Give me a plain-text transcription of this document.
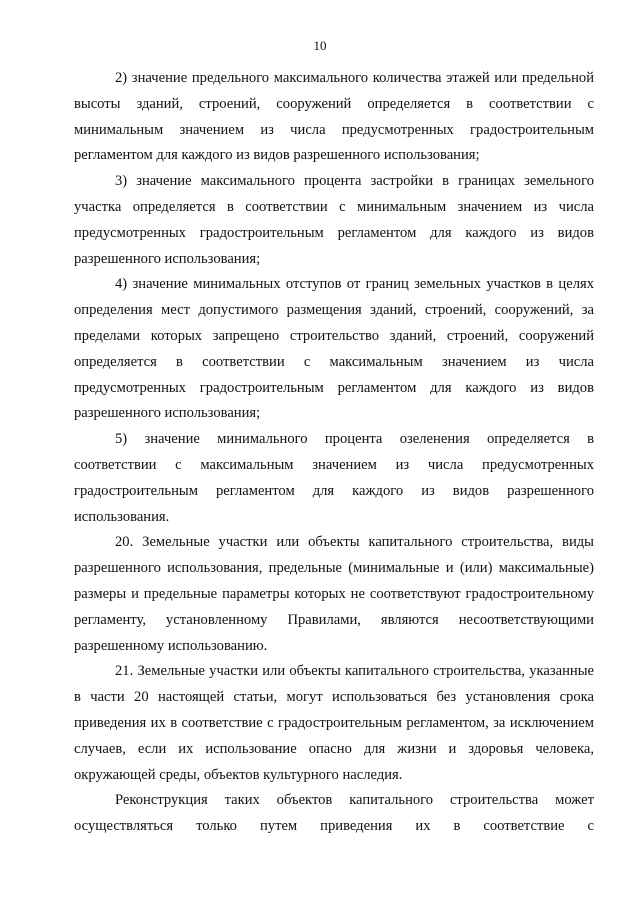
10

2) значение предельного максимального количества этажей или предельной высоты зданий, строений, сооружений определяется в соответствии с минимальным значением из числа предусмотренных градостроительным регламентом для каждого из видов разрешенного использования;

3) значение максимального процента застройки в границах земельного участка определяется в соответствии с минимальным значением из числа предусмотренных градостроительным регламентом для каждого из видов разрешенного использования;

4) значение минимальных отступов от границ земельных участков в целях определения мест допустимого размещения зданий, строений, сооружений, за пределами которых запрещено строительство зданий, строений, сооружений определяется в соответствии с максимальным значением из числа предусмотренных градостроительным регламентом для каждого из видов разрешенного использования;

5) значение минимального процента озеленения определяется в соответствии с максимальным значением из числа предусмотренных градостроительным регламентом для каждого из видов разрешенного использования.

20. Земельные участки или объекты капитального строительства, виды разрешенного использования, предельные (минимальные и (или) максимальные) размеры и предельные параметры которых не соответствуют градостроительному регламенту, установленному Правилами, являются несоответствующими разрешенному использованию.

21. Земельные участки или объекты капитального строительства, указанные в части 20 настоящей статьи, могут использоваться без установления срока приведения их в соответствие с градостроительным регламентом, за исключением случаев, если их использование опасно для жизни и здоровья человека, окружающей среды, объектов культурного наследия.

Реконструкция таких объектов капитального строительства может осуществляться только путем приведения их в соответствие с
